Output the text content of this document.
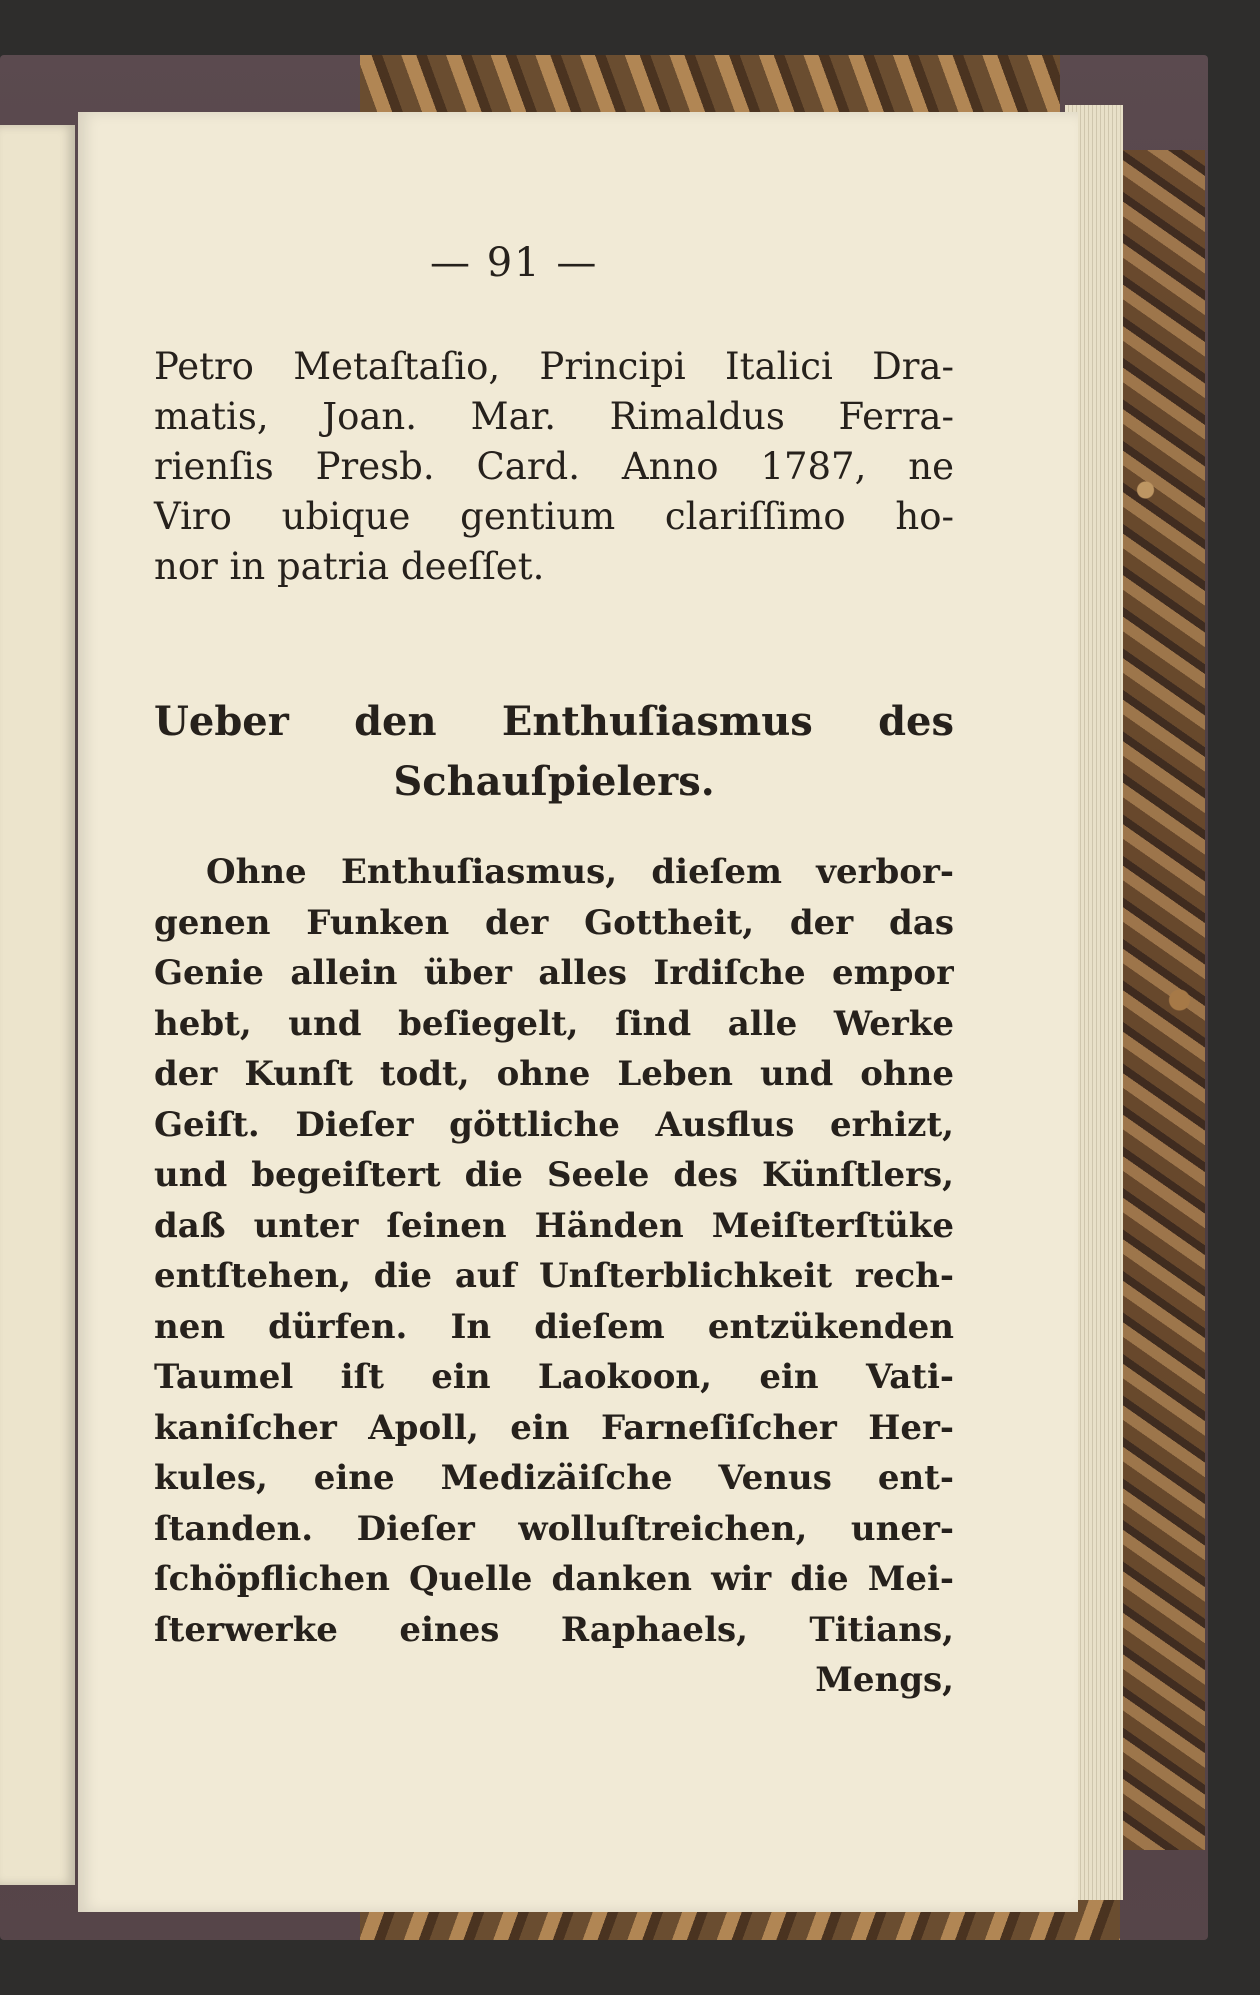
— 91 —
Petro Metaſtaſio, Principi Italici Dra-
matis, Joan. Mar. Rimaldus Ferra-
rienſis Presb. Card. Anno 1787, ne
Viro ubique gentium clariſſimo ho-
nor in patria deeſſet.
Ueber den Enthuſiasmus des
Schauſpielers.
Ohne Enthuſiasmus, dieſem verbor-
genen Funken der Gottheit, der das
Genie allein über alles Irdiſche empor
hebt, und beſiegelt, ſind alle Werke
der Kunſt todt, ohne Leben und ohne
Geiſt. Dieſer göttliche Ausflus erhizt,
und begeiſtert die Seele des Künſtlers,
daß unter ſeinen Händen Meiſterſtüke
entſtehen, die auf Unſterblichkeit rech-
nen dürfen. In dieſem entzükenden
Taumel iſt ein Laokoon, ein Vati-
kaniſcher Apoll, ein Farneſiſcher Her-
kules, eine Medizäiſche Venus ent-
ſtanden. Dieſer wolluſtreichen, uner-
ſchöpflichen Quelle danken wir die Mei-
ſterwerke eines Raphaels, Titians,
Mengs,
